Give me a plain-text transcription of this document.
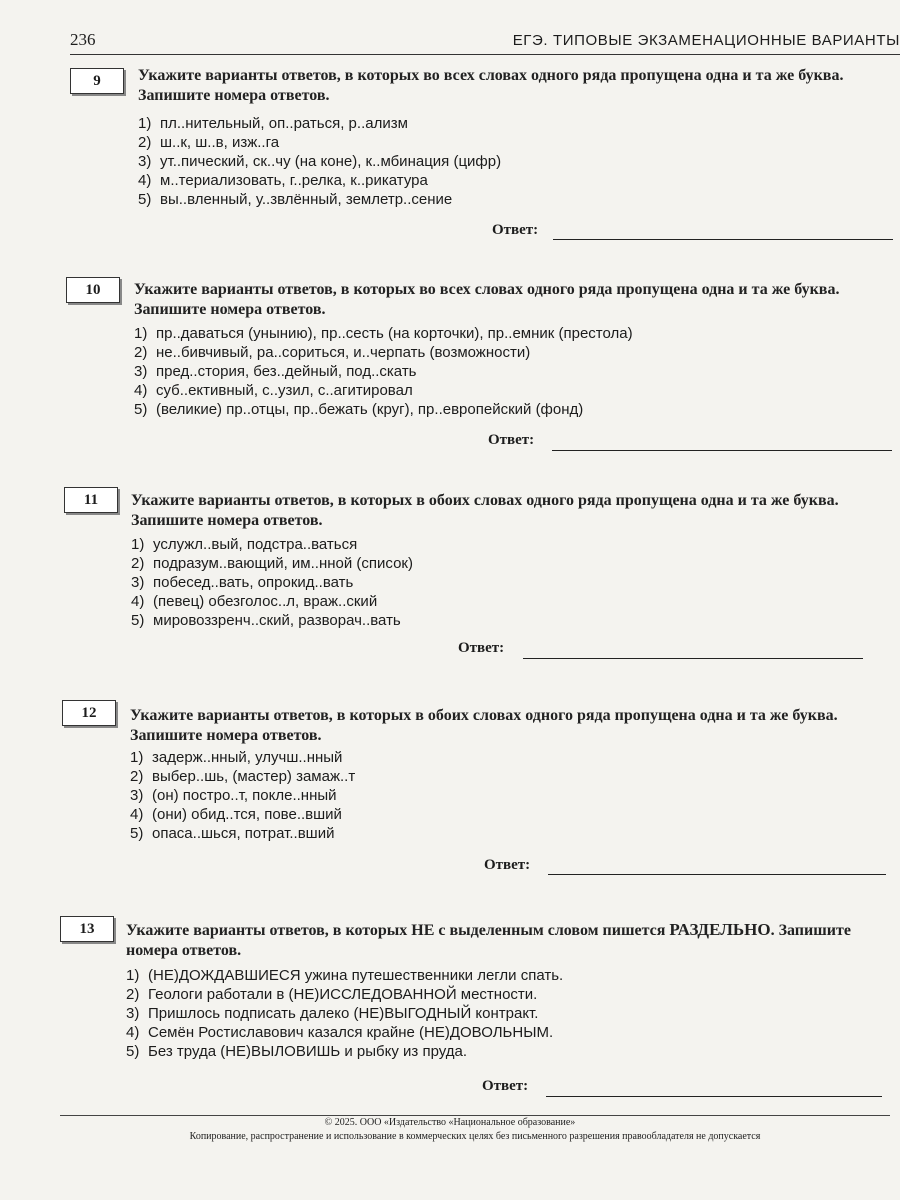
236	ЕГЭ. ТИПОВЫЕ ЭКЗАМЕНАЦИОННЫЕ ВАРИАНТЫ
9	Укажите варианты ответов, в которых во всех словах одного ряда пропущена одна и та же буква. Запишите номера ответов.
1) пл..нительный, оп..раться, р..ализм
2) ш..к, ш..в, изж..га
3) ут..пический, ск..чу (на коне), к..мбинация (цифр)
4) м..териализовать, г..релка, к..рикатура
5) вы..вленный, у..звлённый, землетр..сение
Ответ:
10	Укажите варианты ответов, в которых во всех словах одного ряда пропущена одна и та же буква. Запишите номера ответов.
1) пр..даваться (унынию), пр..сесть (на корточки), пр..емник (престола)
2) не..бивчивый, ра..сориться, и..черпать (возможности)
3) пред..стория, без..дейный, под..скать
4) суб..ективный, с..узил, с..агитировал
5) (великие) пр..отцы, пр..бежать (круг), пр..европейский (фонд)
Ответ:
11	Укажите варианты ответов, в которых в обоих словах одного ряда пропущена одна и та же буква. Запишите номера ответов.
1) услужл..вый, подстра..ваться
2) подразум..вающий, им..нной (список)
3) побесед..вать, опрокид..вать
4) (певец) обезголос..л, враж..ский
5) мировоззренч..ский, разворач..вать
Ответ:
12	Укажите варианты ответов, в которых в обоих словах одного ряда пропущена одна и та же буква. Запишите номера ответов.
1) задерж..нный, улучш..нный
2) выбер..шь, (мастер) замаж..т
3) (он) постро..т, покле..нный
4) (они) обид..тся, пове..вший
5) опаса..шься, потрат..вший
Ответ:
13	Укажите варианты ответов, в которых НЕ с выделенным словом пишется РАЗДЕЛЬНО. Запишите номера ответов.
1) (НЕ)ДОЖДАВШИЕСЯ ужина путешественники легли спать.
2) Геологи работали в (НЕ)ИССЛЕДОВАННОЙ местности.
3) Пришлось подписать далеко (НЕ)ВЫГОДНЫЙ контракт.
4) Семён Ростиславович казался крайне (НЕ)ДОВОЛЬНЫМ.
5) Без труда (НЕ)ВЫЛОВИШЬ и рыбку из пруда.
Ответ:
© 2025. ООО «Издательство «Национальное образование»
Копирование, распространение и использование в коммерческих целях без письменного разрешения правообладателя не допускается
